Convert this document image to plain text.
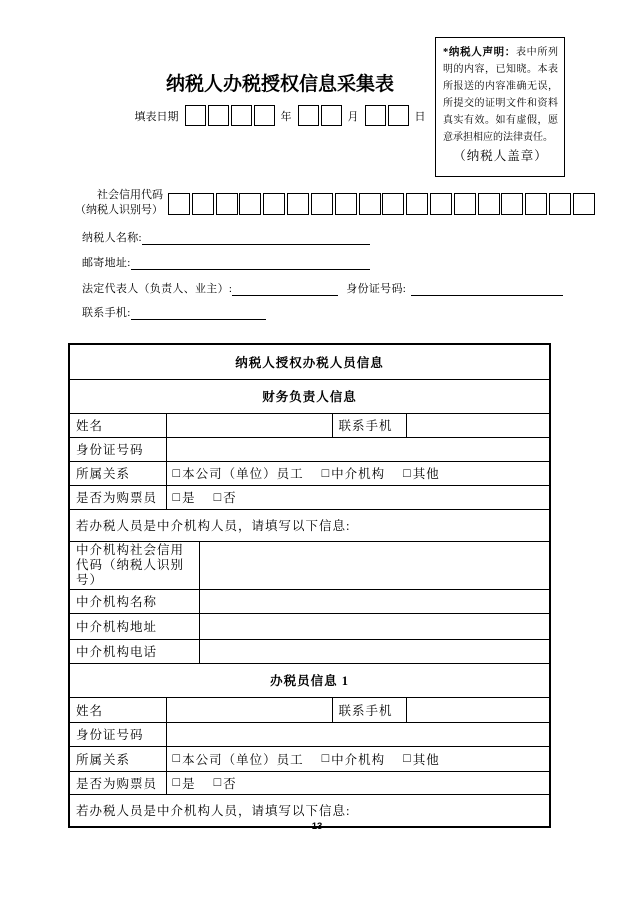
*纳税人声明：表中所列明的内容，已知晓。本表所报送的内容准确无误，所提交的证明文件和资料真实有效。如有虚假，愿意承担相应的法律责任。
（纳税人盖章）
纳税人办税授权信息采集表
填表日期	年	月	日
社会信用代码
（纳税人识别号）
纳税人名称:
邮寄地址:
法定代表人（负责人、业主）:	身份证号码:
联系手机:
纳税人授权办税人员信息				
财务负责人信息				
姓名			联系手机	
身份证号码				
所属关系	□ 本公司（单位）员工 □ 中介机构 □ 其他

是否为购票员	□ 是 □ 否			

若办税人员是中介机构人员，请填写以下信息:				
中介机构社会信用代码（纳税人识别号）				
中介机构名称				
中介机构地址				
中介机构电话				
办税员信息 1				
姓名			联系手机	
身份证号码				
所属关系	□ 本公司（单位）员工 □ 中介机构 □ 其他

是否为购票员	□ 是 □ 否			

若办税人员是中介机构人员，请填写以下信息:				
13
